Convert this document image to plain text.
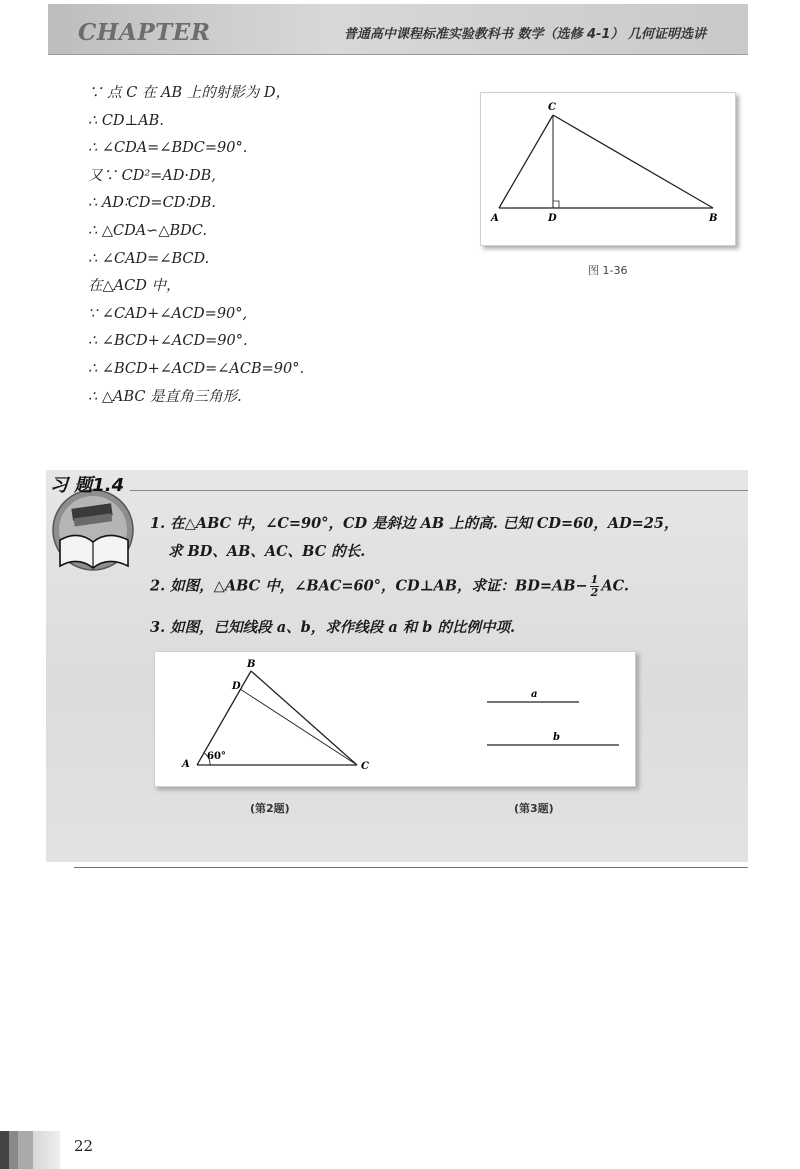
CHAPTER	普通高中课程标准实验教科书 数学（选修 4-1） 几何证明选讲
∵ 点 C 在 AB 上的射影为 D，
∴ CD⊥AB.
∴ ∠CDA=∠BDC=90°.
又∵ CD²=AD·DB,
∴ AD∶CD=CD∶DB.
∴ △CDA∽△BDC.
∴ ∠CAD=∠BCD.
在△ACD 中，
∵ ∠CAD+∠ACD=90°,
∴ ∠BCD+∠ACD=90°.
∴ ∠BCD+∠ACD=∠ACB=90°.
∴ △ABC 是直角三角形.
A	D	B
C
图 1-36
习 题1.4
1. 在△ABC 中，∠C=90°，CD 是斜边 AB 上的高. 已知 CD=60，AD=25，
求 BD、AB、AC、BC 的长.
2. 如图，△ABC 中，∠BAC=60°，CD⊥AB，求证：$BD=AB- \frac{1}{2}$ AC.
3. 如图，已知线段 a、b，求作线段 a 和 b 的比例中项.
B
D
A	C
60°
a
b
(第2题)	(第3题)
22
